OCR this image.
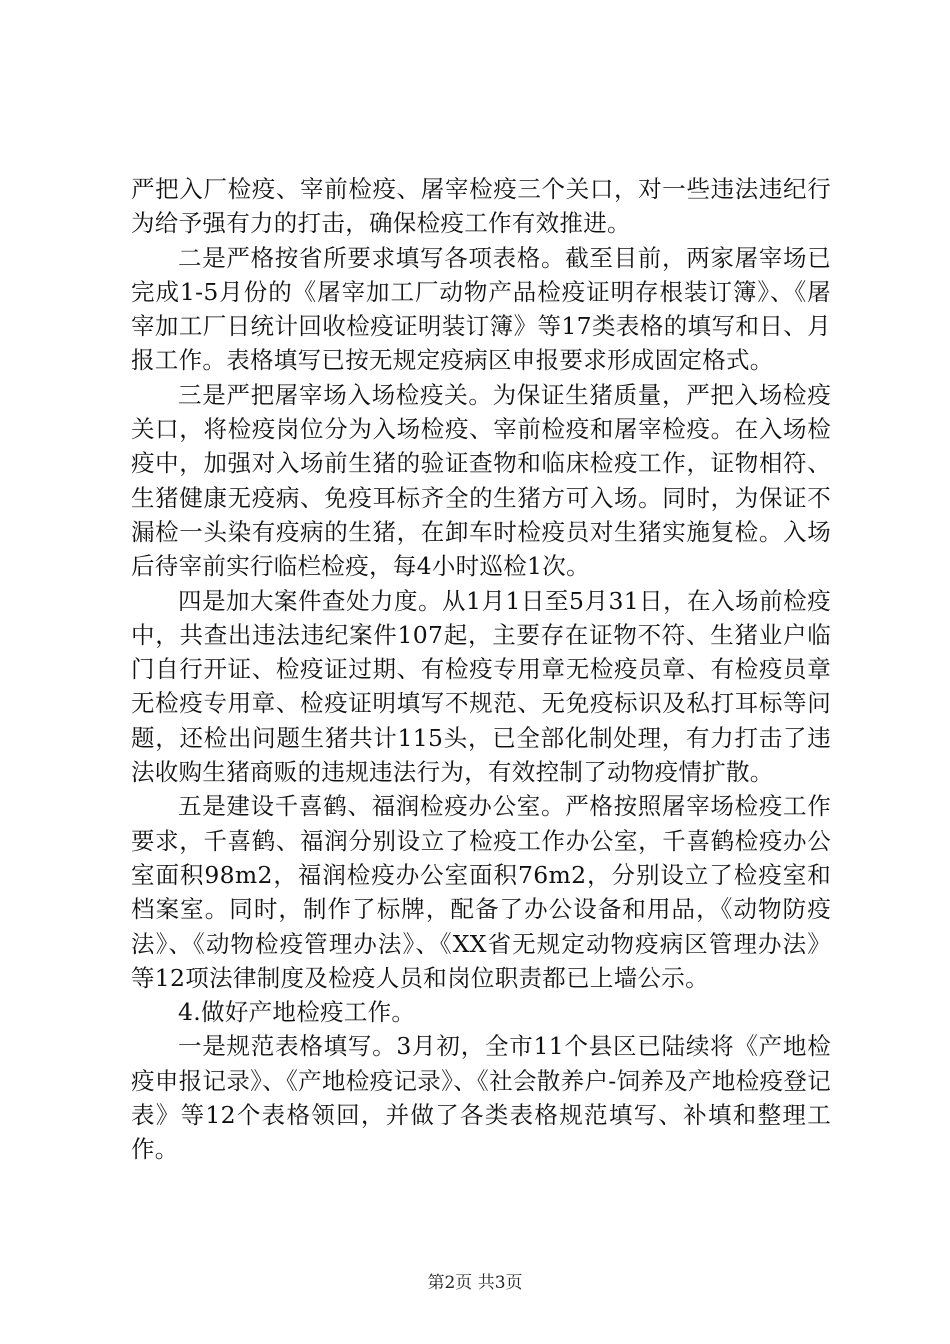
严把入厂检疫、宰前检疫、屠宰检疫三个关口，对一些违法违纪行为给予强有力的打击，确保检疫工作有效推进。

二是严格按省所要求填写各项表格。截至目前，两家屠宰场已完成1-5月份的《屠宰加工厂动物产品检疫证明存根装订簿》、《屠宰加工厂日统计回收检疫证明装订簿》等17类表格的填写和日、月报工作。表格填写已按无规定疫病区申报要求形成固定格式。

三是严把屠宰场入场检疫关。为保证生猪质量，严把入场检疫关口，将检疫岗位分为入场检疫、宰前检疫和屠宰检疫。在入场检疫中，加强对入场前生猪的验证查物和临床检疫工作，证物相符、生猪健康无疫病、免疫耳标齐全的生猪方可入场。同时，为保证不漏检一头染有疫病的生猪，在卸车时检疫员对生猪实施复检。入场后待宰前实行临栏检疫，每4小时巡检1次。

四是加大案件查处力度。从1月1日至5月31日，在入场前检疫中，共查出违法违纪案件107起，主要存在证物不符、生猪业户临门自行开证、检疫证过期、有检疫专用章无检疫员章、有检疫员章无检疫专用章、检疫证明填写不规范、无免疫标识及私打耳标等问题，还检出问题生猪共计115头，已全部化制处理，有力打击了违法收购生猪商贩的违规违法行为，有效控制了动物疫情扩散。

五是建设千喜鹤、福润检疫办公室。严格按照屠宰场检疫工作要求，千喜鹤、福润分别设立了检疫工作办公室，千喜鹤检疫办公室面积98m2，福润检疫办公室面积76m2，分别设立了检疫室和档案室。同时，制作了标牌，配备了办公设备和用品，《动物防疫法》、《动物检疫管理办法》、《XX省无规定动物疫病区管理办法》等12项法律制度及检疫人员和岗位职责都已上墙公示。

4.做好产地检疫工作。

一是规范表格填写。3月初，全市11个县区已陆续将《产地检疫申报记录》、《产地检疫记录》、《社会散养户-饲养及产地检疫登记表》等12个表格领回，并做了各类表格规范填写、补填和整理工作。

第2页 共3页
